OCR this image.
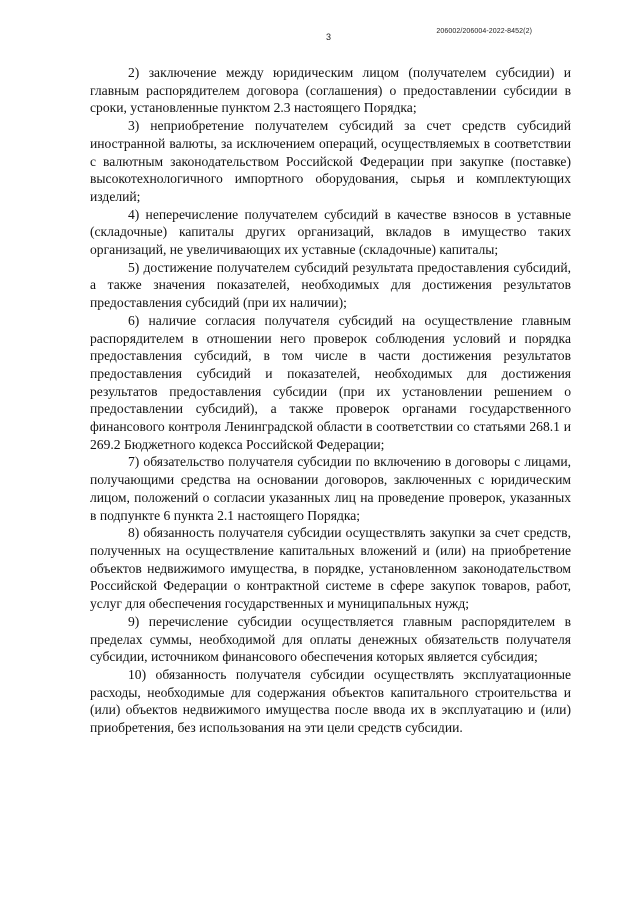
206002/206004-2022-8452(2)
3

2) заключение между юридическим лицом (получателем субсидии) и главным распорядителем договора (соглашения) о предоставлении субсидии в сроки, установленные пунктом 2.3 настоящего Порядка;

3) неприобретение получателем субсидий за счет средств субсидий иностранной валюты, за исключением операций, осуществляемых в соответствии с валютным законодательством Российской Федерации при закупке (поставке) высокотехнологичного импортного оборудования, сырья и комплектующих изделий;

4) неперечисление получателем субсидий в качестве взносов в уставные (складочные) капиталы других организаций, вкладов в имущество таких организаций, не увеличивающих их уставные (складочные) капиталы;

5) достижение получателем субсидий результата предоставления субсидий, а также значения показателей, необходимых для достижения результатов предоставления субсидий (при их наличии);

6) наличие согласия получателя субсидий на осуществление главным распорядителем в отношении него проверок соблюдения условий и порядка предоставления субсидий, в том числе в части достижения результатов предоставления субсидий и показателей, необходимых для достижения результатов предоставления субсидии (при их установлении решением о предоставлении субсидий), а также проверок органами государственного финансового контроля Ленинградской области в соответствии со статьями 268.1 и 269.2 Бюджетного кодекса Российской Федерации;

7) обязательство получателя субсидии по включению в договоры с лицами, получающими средства на основании договоров, заключенных с юридическим лицом, положений о согласии указанных лиц на проведение проверок, указанных в подпункте 6 пункта 2.1 настоящего Порядка;

8) обязанность получателя субсидии осуществлять закупки за счет средств, полученных на осуществление капитальных вложений и (или) на приобретение объектов недвижимого имущества, в порядке, установленном законодательством Российской Федерации о контрактной системе в сфере закупок товаров, работ, услуг для обеспечения государственных и муниципальных нужд;

9) перечисление субсидии осуществляется главным распорядителем в пределах суммы, необходимой для оплаты денежных обязательств получателя субсидии, источником финансового обеспечения которых является субсидия;

10) обязанность получателя субсидии осуществлять эксплуатационные расходы, необходимые для содержания объектов капитального строительства и (или) объектов недвижимого имущества после ввода их в эксплуатацию и (или) приобретения, без использования на эти цели средств субсидии.
